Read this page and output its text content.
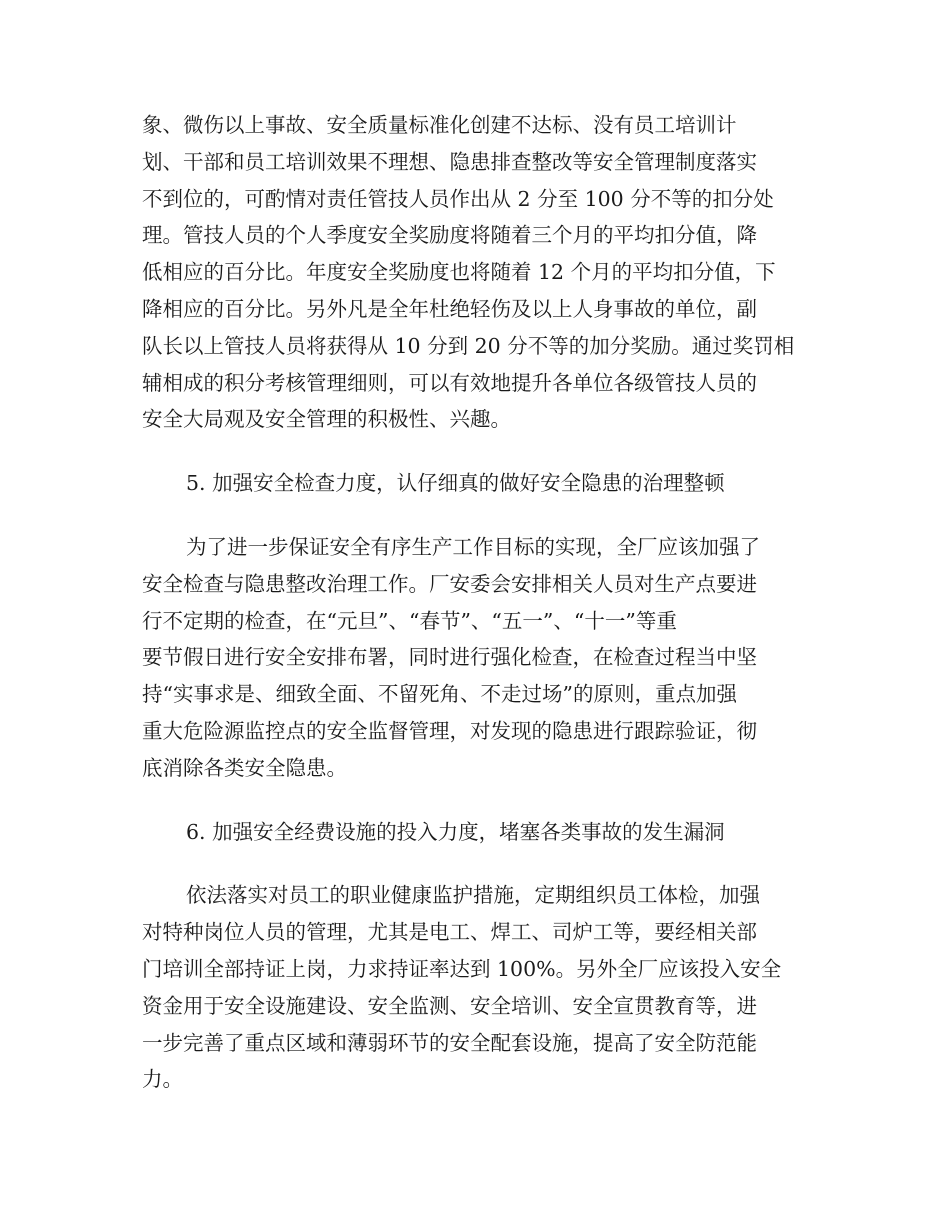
象、微伤以上事故、安全质量标准化创建不达标、没有员工培训计
划、干部和员工培训效果不理想、隐患排查整改等安全管理制度落实
不到位的，可酌情对责任管技人员作出从 2 分至 100 分不等的扣分处
理。管技人员的个人季度安全奖励度将随着三个月的平均扣分值，降
低相应的百分比。年度安全奖励度也将随着 12 个月的平均扣分值，下
降相应的百分比。另外凡是全年杜绝轻伤及以上人身事故的单位，副
队长以上管技人员将获得从 10 分到 20 分不等的加分奖励。通过奖罚相
辅相成的积分考核管理细则，可以有效地提升各单位各级管技人员的
安全大局观及安全管理的积极性、兴趣。
5. 加强安全检查力度，认仔细真的做好安全隐患的治理整顿
为了进一步保证安全有序生产工作目标的实现，全厂应该加强了
安全检查与隐患整改治理工作。厂安委会安排相关人员对生产点要进
行不定期的检查，在“元旦”、“春节”、“五一”、“十一”等重
要节假日进行安全安排布署，同时进行强化检查，在检查过程当中坚
持“实事求是、细致全面、不留死角、不走过场”的原则，重点加强
重大危险源监控点的安全监督管理，对发现的隐患进行跟踪验证，彻
底消除各类安全隐患。
6. 加强安全经费设施的投入力度，堵塞各类事故的发生漏洞
依法落实对员工的职业健康监护措施，定期组织员工体检，加强
对特种岗位人员的管理，尤其是电工、焊工、司炉工等，要经相关部
门培训全部持证上岗，力求持证率达到 100%。另外全厂应该投入安全
资金用于安全设施建设、安全监测、安全培训、安全宣贯教育等，进
一步完善了重点区域和薄弱环节的安全配套设施，提高了安全防范能
力。
